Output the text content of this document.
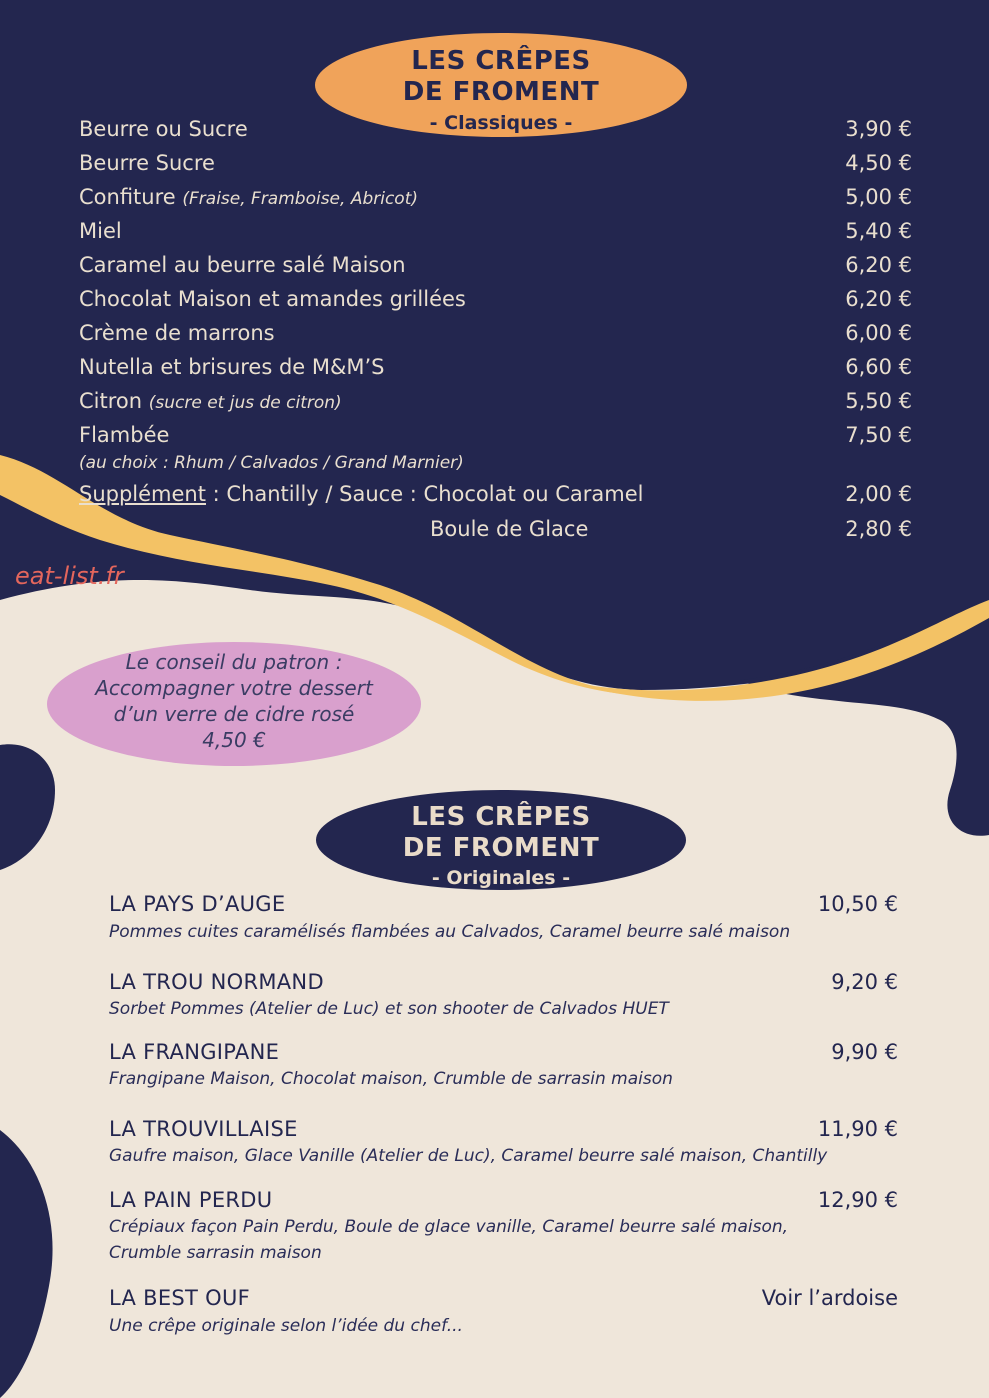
LES CRÊPES
DE FROMENT
- Classiques -
Beurre ou Sucre	3,90 €
Beurre Sucre	4,50 €
Confiture (Fraise, Framboise, Abricot)	5,00 €
Miel	5,40 €
Caramel au beurre salé Maison	6,20 €
Chocolat Maison et amandes grillées	6,20 €
Crème de marrons	6,00 €
Nutella et brisures de M&M’S	6,60 €
Citron (sucre et jus de citron)	5,50 €
Flambée	7,50 €
(au choix : Rhum / Calvados / Grand Marnier)
Supplément : Chantilly / Sauce : Chocolat ou Caramel	2,00 €
Boule de Glace	2,80 €
eat-list.fr
Le conseil du patron :
Accompagner votre dessert
d’un verre de cidre rosé
4,50 €
LES CRÊPES
DE FROMENT
- Originales -
LA PAYS D’AUGE	10,50 €
Pommes cuites caramélisés flambées au Calvados, Caramel beurre salé maison
LA TROU NORMAND	9,20 €
Sorbet Pommes (Atelier de Luc) et son shooter de Calvados HUET
LA FRANGIPANE	9,90 €
Frangipane Maison, Chocolat maison, Crumble de sarrasin maison
LA TROUVILLAISE	11,90 €
Gaufre maison, Glace Vanille (Atelier de Luc), Caramel beurre salé maison, Chantilly
LA PAIN PERDU	12,90 €
Crépiaux façon Pain Perdu, Boule de glace vanille, Caramel beurre salé maison,
Crumble sarrasin maison
LA BEST OUF	Voir l’ardoise
Une crêpe originale selon l’idée du chef...
